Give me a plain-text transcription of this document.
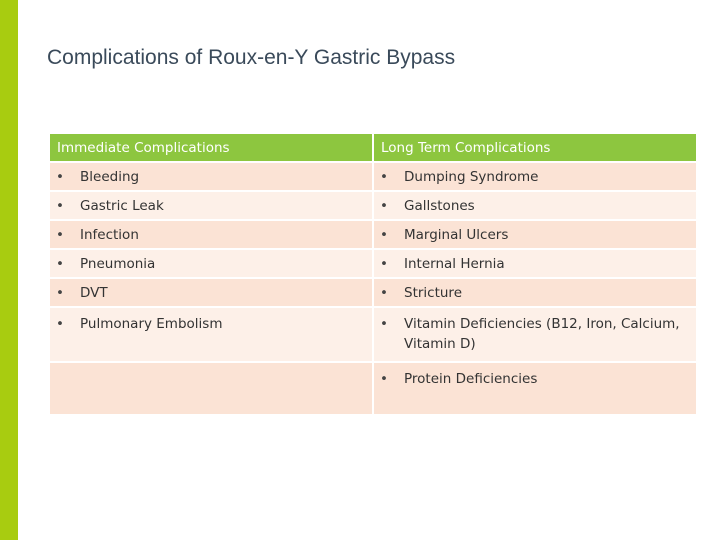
Complications of Roux-en-Y Gastric Bypass
Immediate Complications	Long Term Complications

• Bleeding	• Dumping Syndrome

• Gastric Leak	• Gallstones

• Infection	• Marginal Ulcers

• Pneumonia	• Internal Hernia

• DVT	• Stricture

• Pulmonary Embolism	• Vitamin Deficiencies (B12, Iron, Calcium, Vitamin D)

	• Protein Deficiencies
